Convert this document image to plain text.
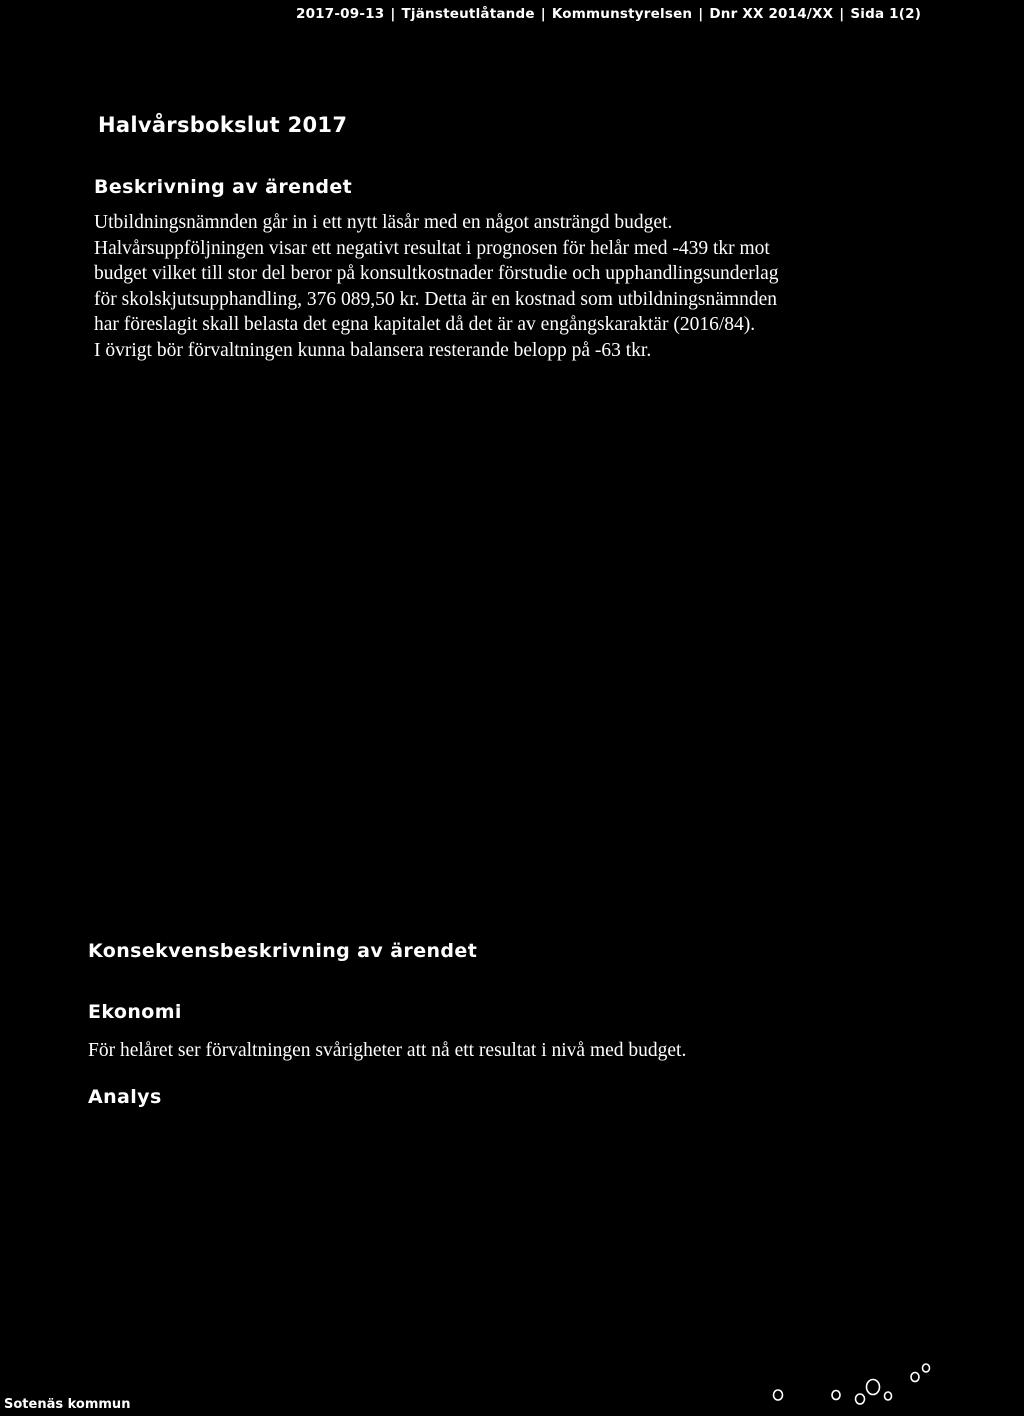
2017-09-13 | Tjänsteutlåtande | Kommunstyrelsen | Dnr XX 2014/XX | Sida 1(2)
Halvårsbokslut 2017
Beskrivning av ärendet

Utbildningsnämnden går in i ett nytt läsår med en något ansträngd budget.
Halvårsuppföljningen visar ett negativt resultat i prognosen för helår med -439 tkr mot
budget vilket till stor del beror på konsultkostnader förstudie och upphandlingsunderlag
för skolskjutsupphandling, 376 089,50 kr. Detta är en kostnad som utbildningsnämnden
har föreslagit skall belasta det egna kapitalet då det är av engångskaraktär (2016/84).
I övrigt bör förvaltningen kunna balansera resterande belopp på -63 tkr.

Konsekvensbeskrivning av ärendet
Ekonomi

För helåret ser förvaltningen svårigheter att nå ett resultat i nivå med budget.

Analys
Sotenäs kommun
